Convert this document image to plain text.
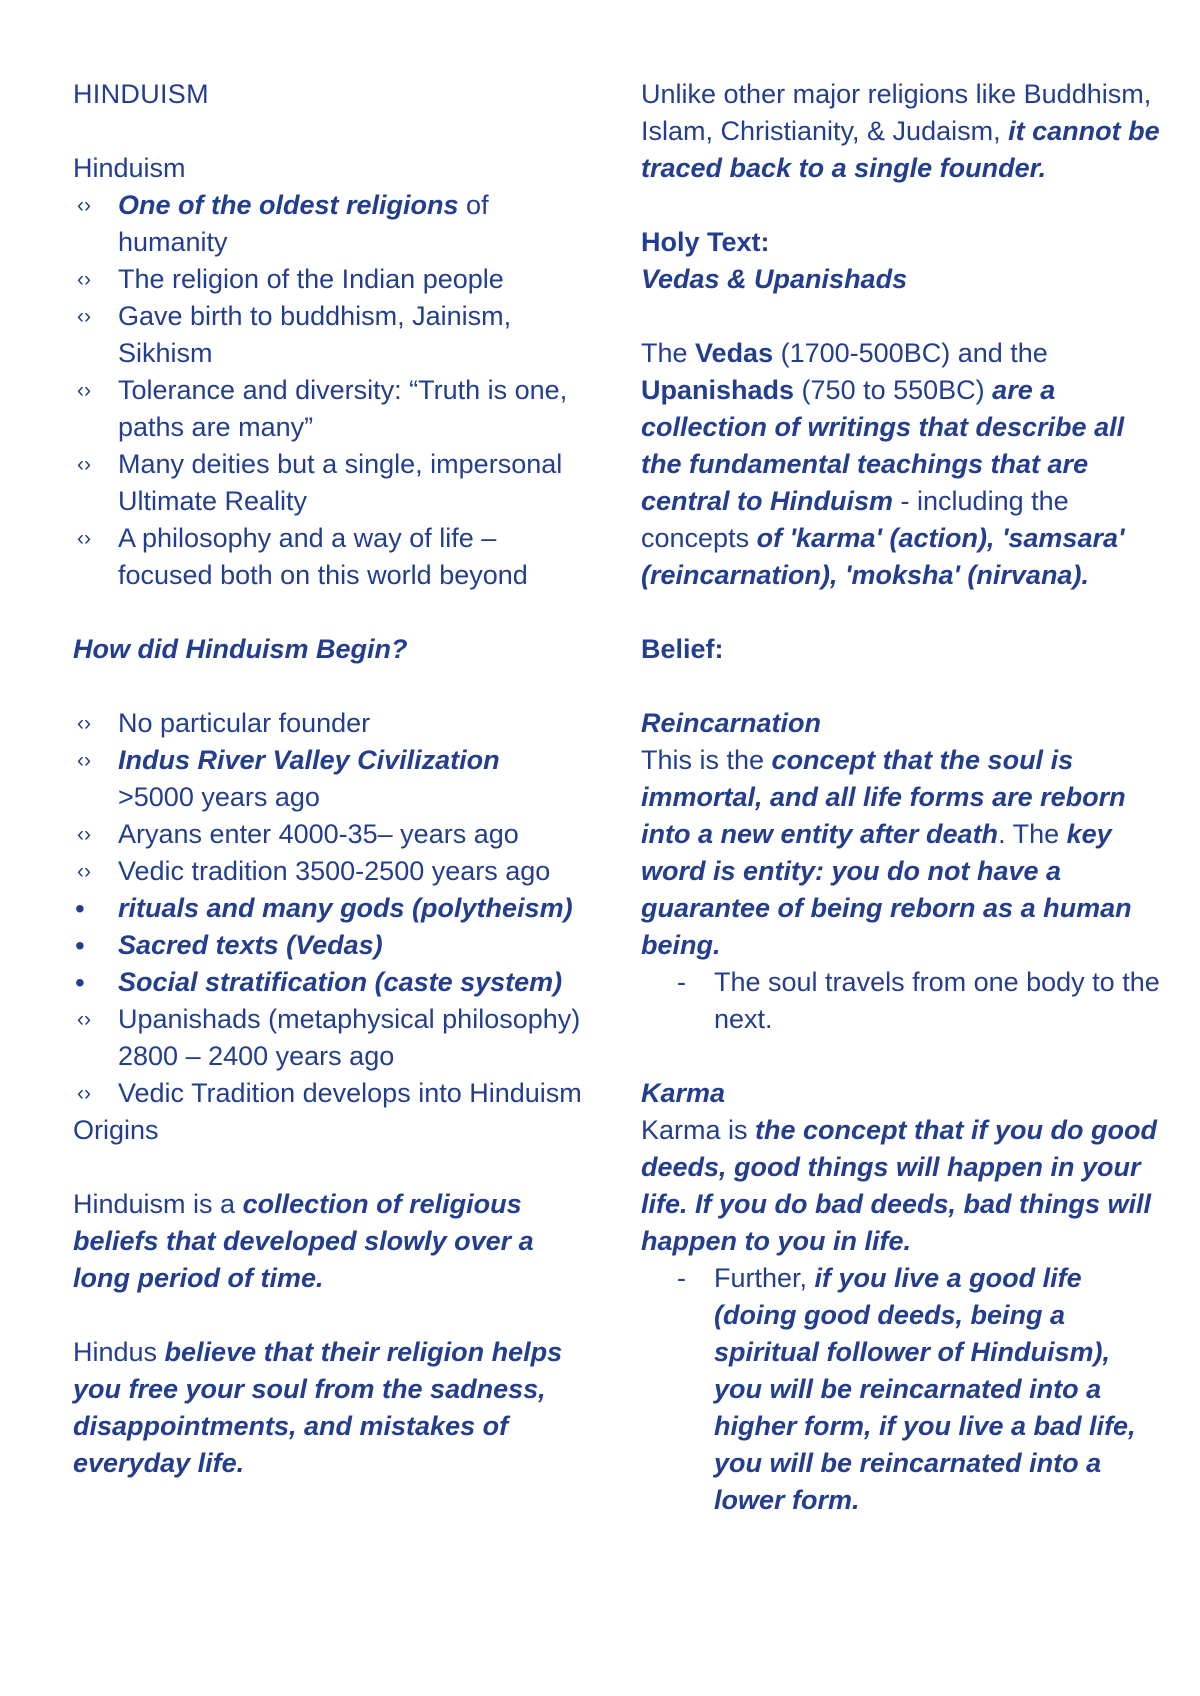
HINDUISM

Hinduism

‹› One of the oldest religions of humanity
‹› The religion of the Indian people
‹› Gave birth to buddhism, Jainism, Sikhism
‹› Tolerance and diversity: “Truth is one, paths are many”
‹› Many deities but a single, impersonal Ultimate Reality
‹› A philosophy and a way of life – focused both on this world beyond

How did Hinduism Begin?

‹› No particular founder
‹› Indus River Valley Civilization
>5000 years ago
‹› Aryans enter 4000-35– years ago
‹› Vedic tradition 3500-2500 years ago
• rituals and many gods (polytheism)
• Sacred texts (Vedas)
• Social stratification (caste system)
‹› Upanishads (metaphysical philosophy) 2800 – 2400 years ago
‹› Vedic Tradition develops into Hinduism

Origins

Hinduism is a collection of religious beliefs that developed slowly over a long period of time.

Hindus believe that their religion helps you free your soul from the sadness, disappointments, and mistakes of everyday life.

Unlike other major religions like Buddhism, Islam, Christianity, & Judaism, it cannot be traced back to a single founder.

Holy Text:

Vedas & Upanishads

The Vedas (1700-500BC) and the Upanishads (750 to 550BC) are a collection of writings that describe all the fundamental teachings that are central to Hinduism - including the concepts of 'karma' (action), 'samsara' (reincarnation), 'moksha' (nirvana).

Belief:

Reincarnation

This is the concept that the soul is immortal, and all life forms are reborn into a new entity after death. The key word is entity: you do not have a guarantee of being reborn as a human being.

- The soul travels from one body to the next.

Karma

Karma is the concept that if you do good deeds, good things will happen in your life. If you do bad deeds, bad things will happen to you in life.

- Further, if you live a good life (doing good deeds, being a spiritual follower of Hinduism), you will be reincarnated into a higher form, if you live a bad life, you will be reincarnated into a lower form.
